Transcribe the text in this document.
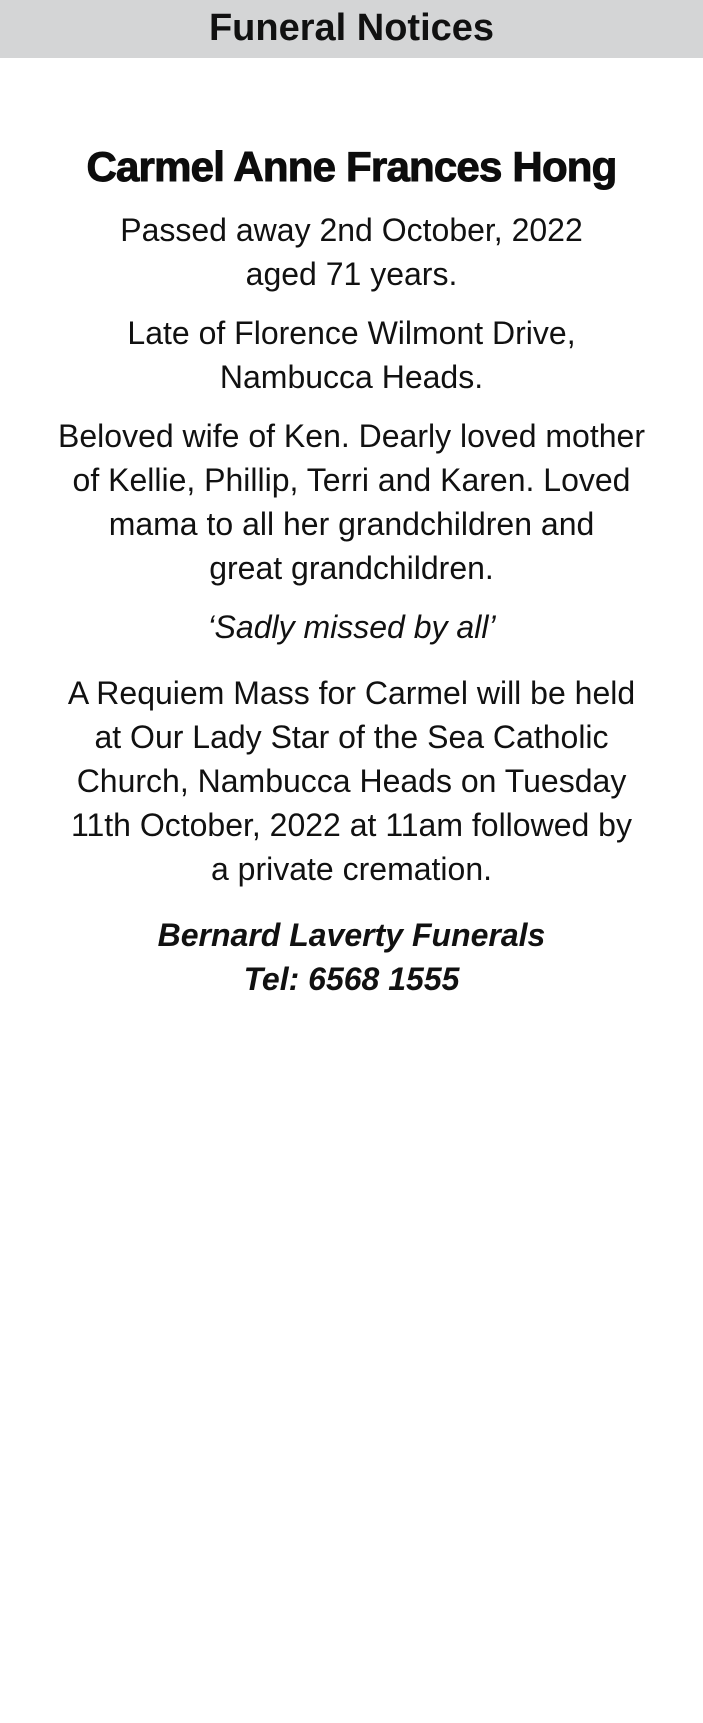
Funeral Notices
Carmel Anne Frances Hong
Passed away 2nd October, 2022
aged 71 years.
Late of Florence Wilmont Drive,
Nambucca Heads.
Beloved wife of Ken. Dearly loved mother
of Kellie, Phillip, Terri and Karen. Loved
mama to all her grandchildren and
great grandchildren.
‘Sadly missed by all’
A Requiem Mass for Carmel will be held
at Our Lady Star of the Sea Catholic
Church, Nambucca Heads on Tuesday
11th October, 2022 at 11am followed by
a private cremation.
Bernard Laverty Funerals
Tel: 6568 1555
